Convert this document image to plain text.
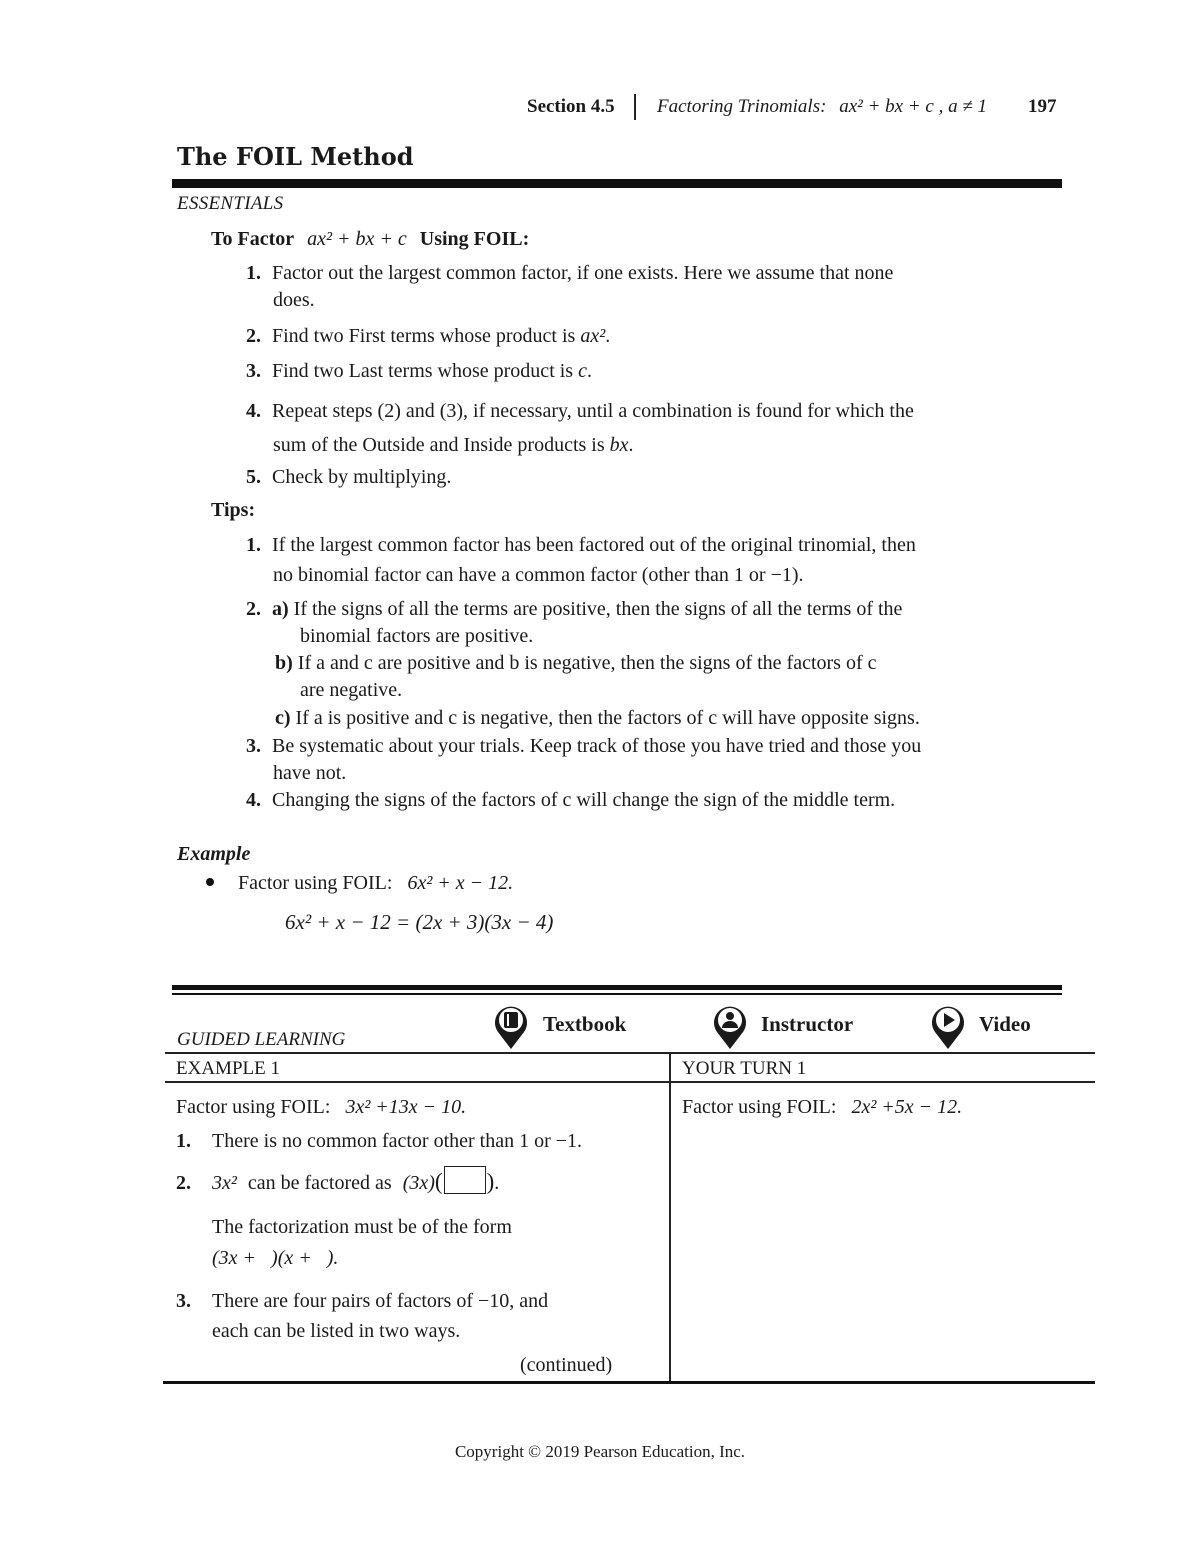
Section 4.5 Factoring Trinomials: ax² + bx + c , a ≠ 1 197
The FOIL Method
ESSENTIALS
To Factor ax² + bx + c Using FOIL:
1. Factor out the largest common factor, if one exists. Here we assume that none
does.
2. Find two First terms whose product is ax².
3. Find two Last terms whose product is c.
4. Repeat steps (2) and (3), if necessary, until a combination is found for which the
sum of the Outside and Inside products is bx.
5. Check by multiplying.
Tips:
1. If the largest common factor has been factored out of the original trinomial, then
no binomial factor can have a common factor (other than 1 or −1).
2. a) If the signs of all the terms are positive, then the signs of all the terms of the
binomial factors are positive.
b) If a and c are positive and b is negative, then the signs of the factors of c
are negative.
c) If a is positive and c is negative, then the factors of c will have opposite signs.
3. Be systematic about your trials. Keep track of those you have tried and those you
have not.
4. Changing the signs of the factors of c will change the sign of the middle term.
Example
Factor using FOIL: 6x² + x − 12.
6x² + x − 12 = (2x + 3)(3x − 4)
GUIDED LEARNING
Textbook	Instructor	Video
EXAMPLE 1	YOUR TURN 1
Factor using FOIL: 3x² +13x − 10.
1. There is no common factor other than 1 or −1.
2. 3x² can be factored as (3x)( ).
The factorization must be of the form
(3x +   )(x +   ).
3. There are four pairs of factors of −10, and
each can be listed in two ways.
(continued)
Factor using FOIL: 2x² +5x − 12.
Copyright © 2019 Pearson Education, Inc.
